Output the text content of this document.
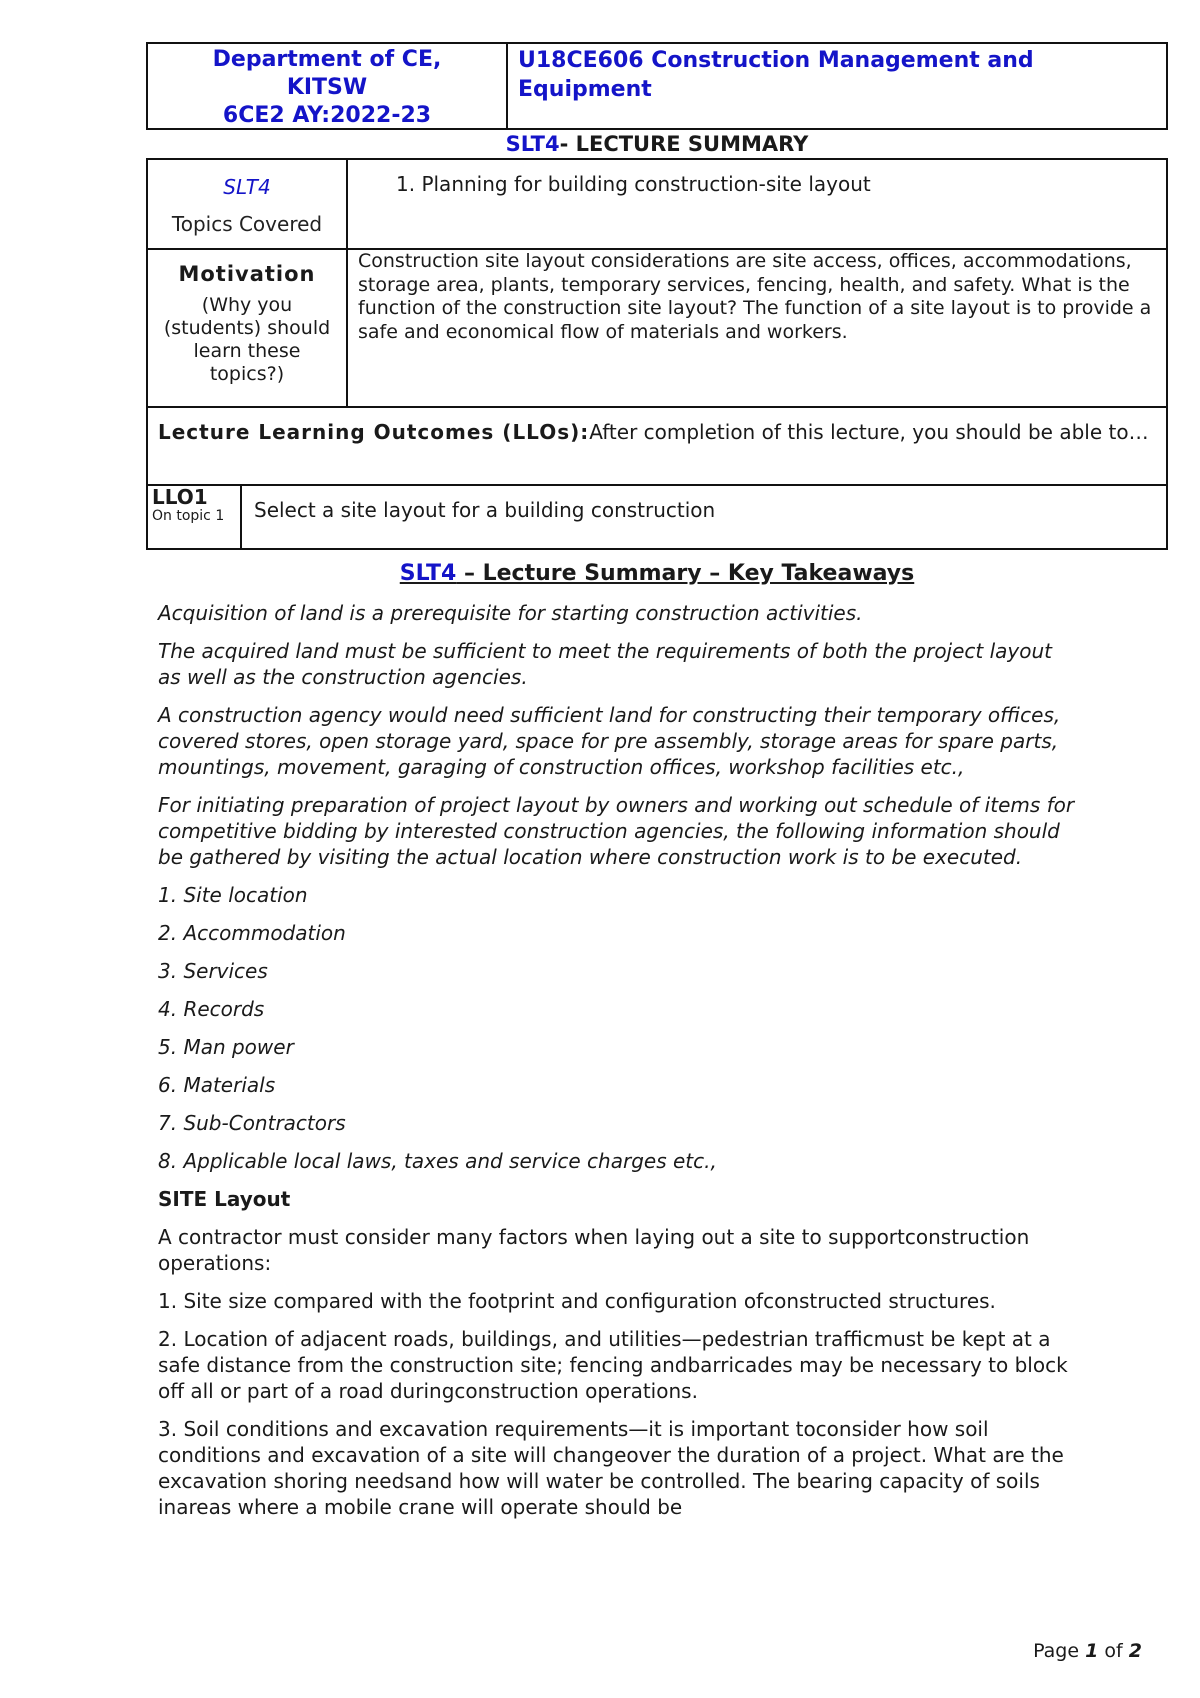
Department of CE,
KITSW
6CE2 AY:2022-23
U18CE606 Construction Management and Equipment
SLT4- LECTURE SUMMARY
SLT4
Topics Covered
1. Planning for building construction-site layout
Motivation
(Why you (students) should learn these topics?)
Construction site layout considerations are site access, offices, accommodations, storage area, plants, temporary services, fencing, health, and safety. What is the function of the construction site layout? The function of a site layout is to provide a safe and economical flow of materials and workers.
Lecture Learning Outcomes (LLOs):After completion of this lecture, you should be able to…
LLO1
On topic 1	Select a site layout for a building construction
SLT4 – Lecture Summary – Key Takeaways

Acquisition of land is a prerequisite for starting construction activities.

The acquired land must be sufficient to meet the requirements of both the project layout as well as the construction agencies.

A construction agency would need sufficient land for constructing their temporary offices, covered stores, open storage yard, space for pre assembly, storage areas for spare parts, mountings, movement, garaging of construction offices, workshop facilities etc.,

For initiating preparation of project layout by owners and working out schedule of items for competitive bidding by interested construction agencies, the following information should be gathered by visiting the actual location where construction work is to be executed.

1. Site location

2. Accommodation

3. Services

4. Records

5. Man power

6. Materials

7. Sub-Contractors

8. Applicable local laws, taxes and service charges etc.,

SITE Layout

A contractor must consider many factors when laying out a site to supportconstruction operations:

1. Site size compared with the footprint and configuration ofconstructed structures.

2. Location of adjacent roads, buildings, and utilities—pedestrian trafficmust be kept at a safe distance from the construction site; fencing andbarricades may be necessary to block off all or part of a road duringconstruction operations.

3. Soil conditions and excavation requirements—it is important toconsider how soil conditions and excavation of a site will changeover the duration of a project. What are the excavation shoring needsand how will water be controlled. The bearing capacity of soils inareas where a mobile crane will operate should be

Page 1 of 2
